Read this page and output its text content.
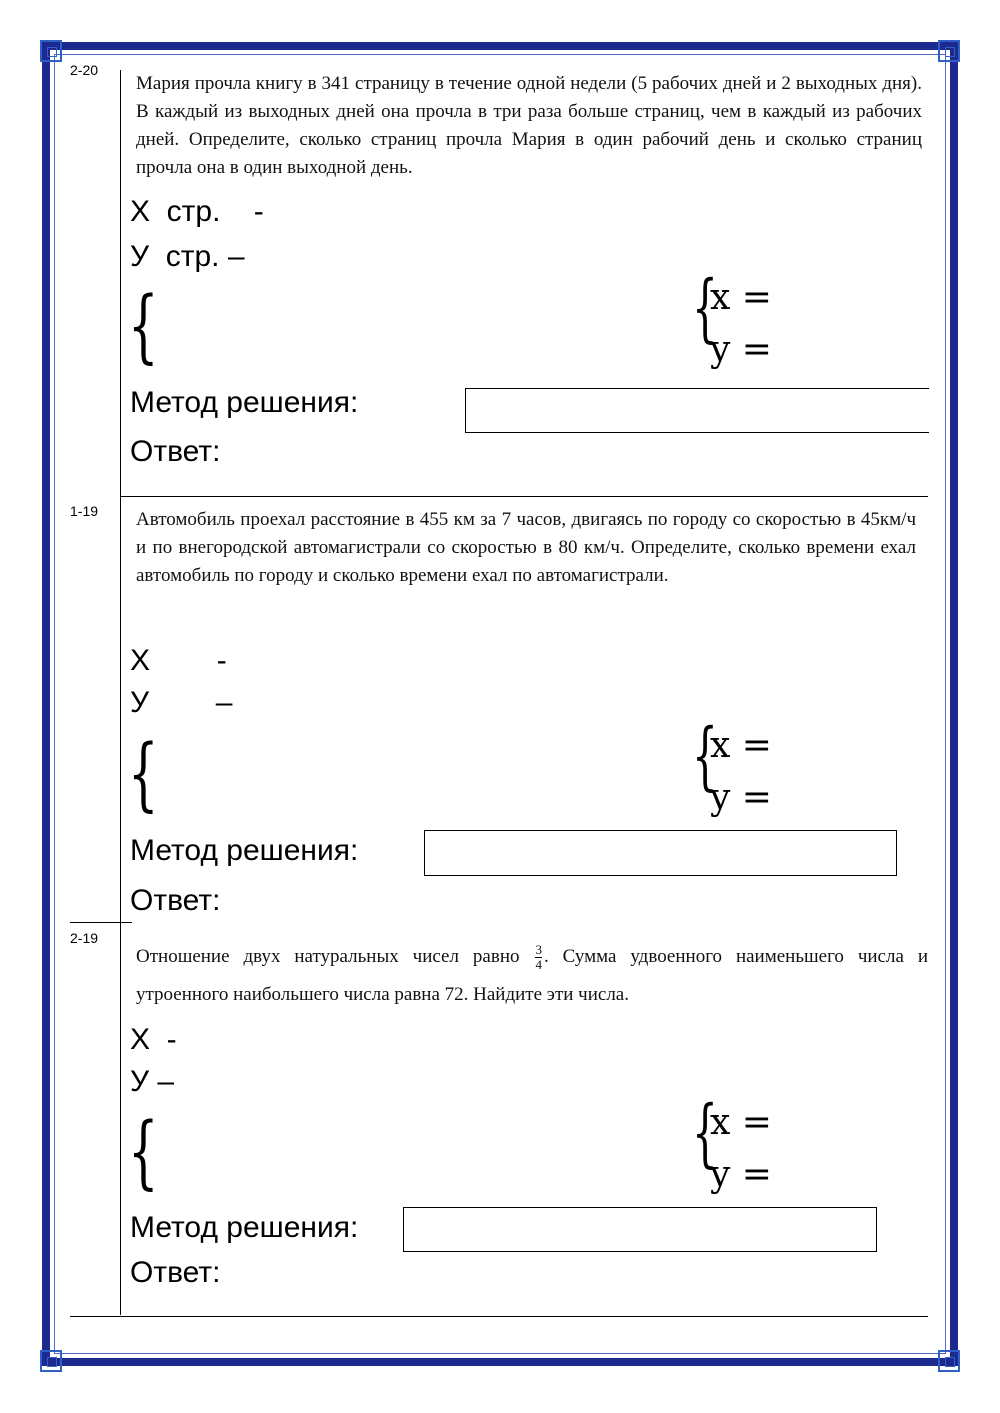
2-20
Мария прочла книгу в 341 страницу в течение одной недели (5 рабочих дней и 2 выходных дня). В каждый из выходных дней она прочла в три раза больше страниц, чем в каждый из рабочих дней. Определите, сколько страниц прочла Мария в один рабочий день и сколько страниц прочла она в один выходной день.
X  стр.    -
У  стр. –
{	{
x =
y =
Метод решения:
Ответ:
1-19 Автомобиль проехал расстояние в 455 км за 7 часов, двигаясь по городу со скоростью в 45км/ч и по внегородской автомагистрали со скоростью в 80 км/ч. Определите, сколько времени ехал автомобиль по городу и сколько времени ехал по автомагистрали.
X        -
У        –
{	{
x =
y =
Метод решения:
Ответ:
2-19
Отношение двух натуральных чисел равно $\frac{3}{4}$ . Сумма удвоенного наименьшего числа и утроенного наибольшего числа равна 72. Найдите эти числа.
X  -
У –
{	{
x =
y =
Метод решения:
Ответ:
